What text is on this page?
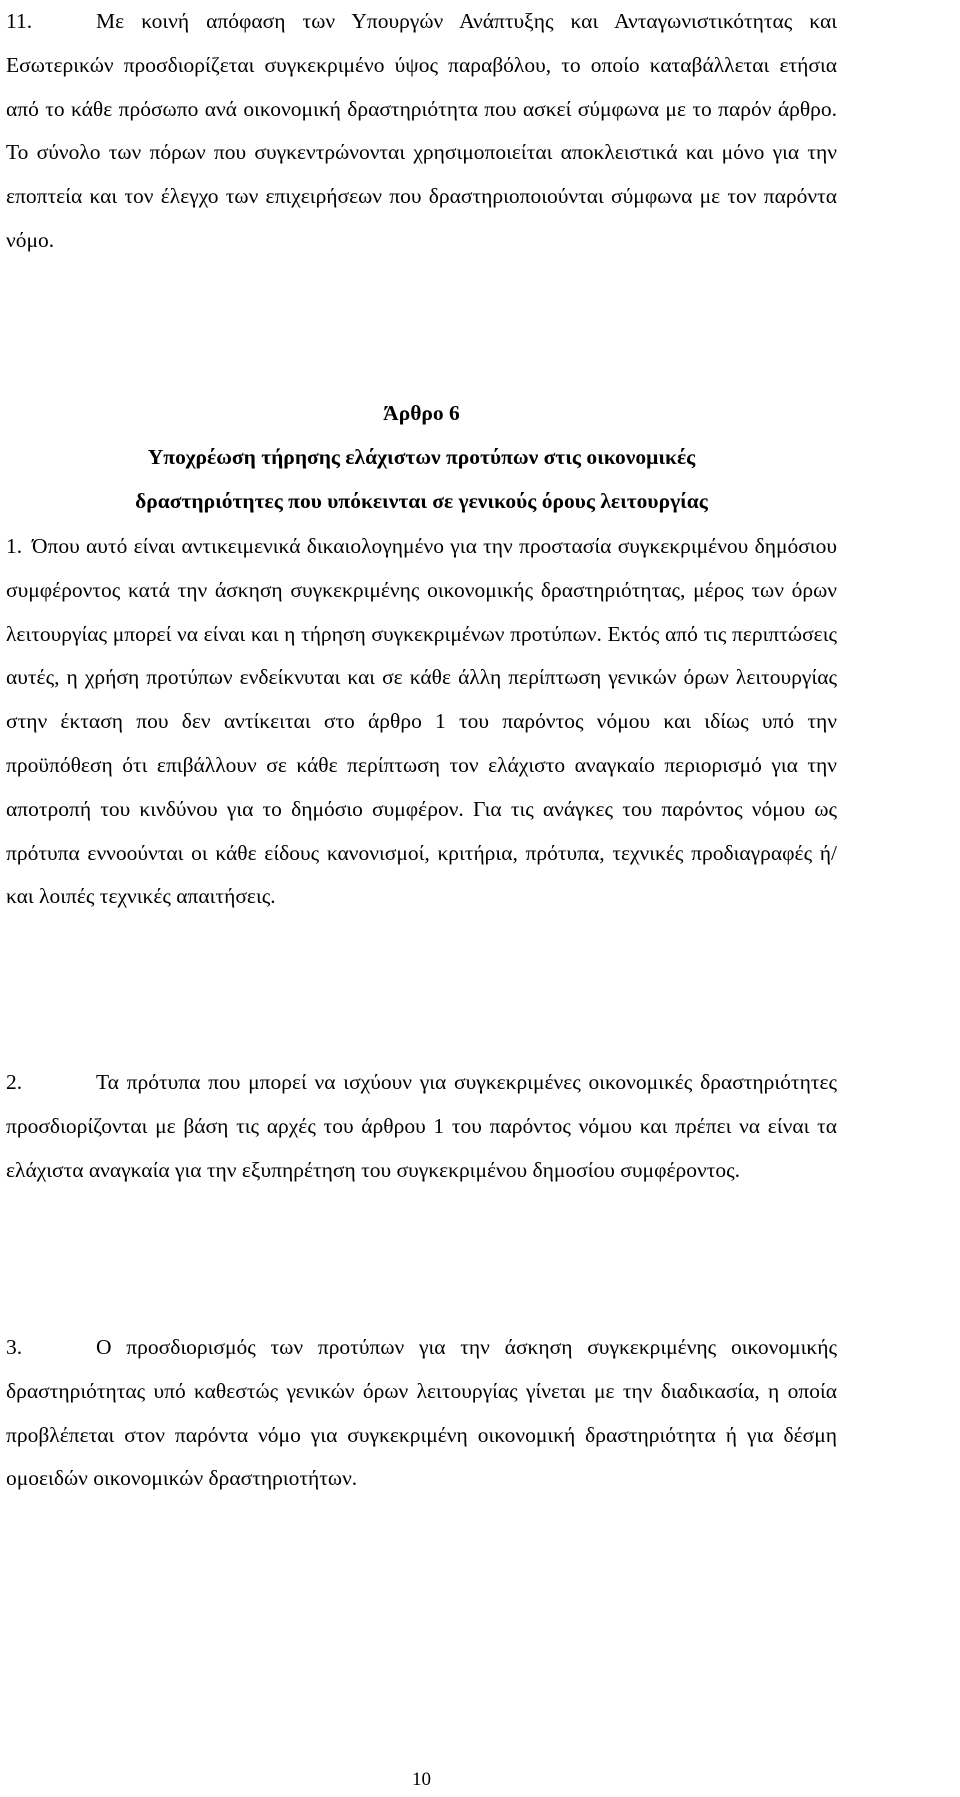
11.	Με κοινή απόφαση των Υπουργών Ανάπτυξης και Ανταγωνιστικότητας και Εσωτερικών προσδιορίζεται συγκεκριμένο ύψος παραβόλου, το οποίο καταβάλλεται ετήσια από το κάθε πρόσωπο ανά οικονομική δραστηριότητα που ασκεί σύμφωνα με το παρόν άρθρο. Το σύνολο των πόρων που συγκεντρώνονται χρησιμοποιείται αποκλειστικά και μόνο για την εποπτεία και τον έλεγχο των επιχειρήσεων που δραστηριοποιούνται σύμφωνα με τον παρόντα νόμο.

Άρθρο 6
Υποχρέωση τήρησης ελάχιστων προτύπων στις οικονομικές
δραστηριότητες που υπόκεινται σε γενικούς όρους λειτουργίας

1. Όπου αυτό είναι αντικειμενικά δικαιολογημένο για την προστασία συγκεκριμένου δημόσιου συμφέροντος κατά την άσκηση συγκεκριμένης οικονομικής δραστηριότητας, μέρος των όρων λειτουργίας μπορεί να είναι και η τήρηση συγκεκριμένων προτύπων. Εκτός από τις περιπτώσεις αυτές, η χρήση προτύπων ενδείκνυται και σε κάθε άλλη περίπτωση γενικών όρων λειτουργίας στην έκταση που δεν αντίκειται στο άρθρο 1 του παρόντος νόμου και ιδίως υπό την προϋπόθεση ότι επιβάλλουν σε κάθε περίπτωση τον ελάχιστο αναγκαίο περιορισμό για την αποτροπή του κινδύνου για το δημόσιο συμφέρον. Για τις ανάγκες του παρόντος νόμου ως πρότυπα εννοούνται οι κάθε είδους κανονισμοί, κριτήρια, πρότυπα, τεχνικές προδιαγραφές ή/και λοιπές τεχνικές απαιτήσεις.

2.	Τα πρότυπα που μπορεί να ισχύουν για συγκεκριμένες οικονομικές δραστηριότητες προσδιορίζονται με βάση τις αρχές του άρθρου 1 του παρόντος νόμου και πρέπει να είναι τα ελάχιστα αναγκαία για την εξυπηρέτηση του συγκεκριμένου δημοσίου συμφέροντος.

3.	Ο προσδιορισμός των προτύπων για την άσκηση συγκεκριμένης οικονομικής δραστηριότητας υπό καθεστώς γενικών όρων λειτουργίας γίνεται με την διαδικασία, η οποία προβλέπεται στον παρόντα νόμο για συγκεκριμένη οικονομική δραστηριότητα ή για δέσμη ομοειδών οικονομικών δραστηριοτήτων.

10
